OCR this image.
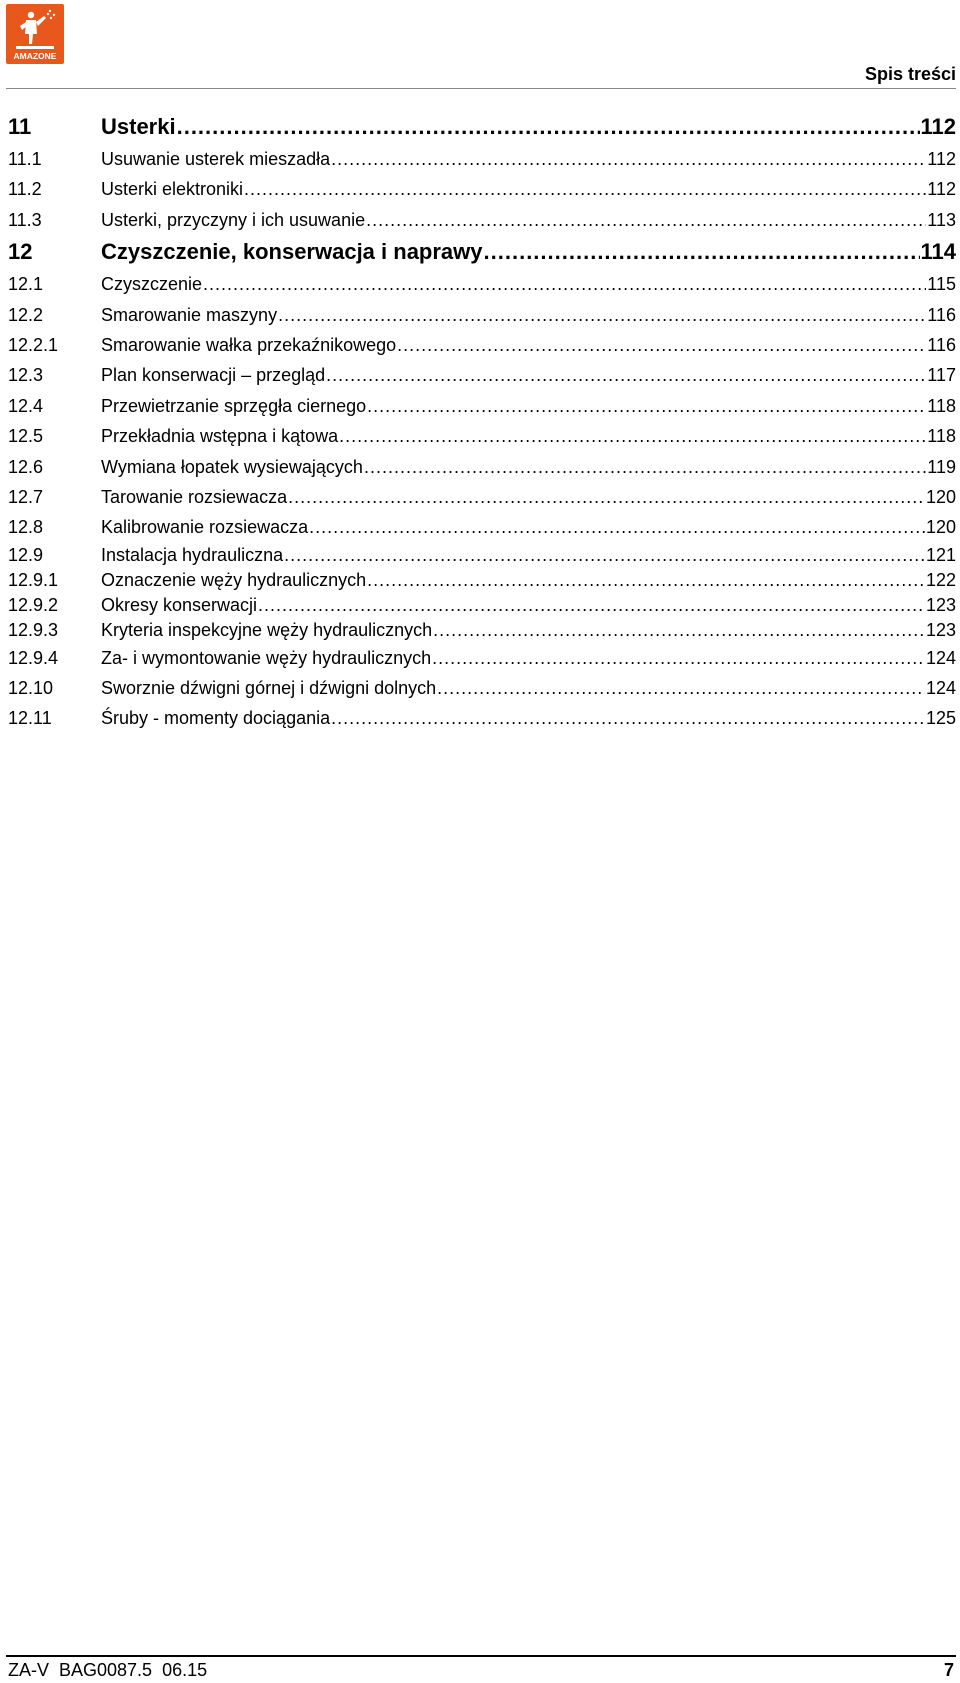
AMAZONE
Spis treści
11	Usterki .....	112
11.1	Usuwanie usterek mieszadła .....	112
11.2	Usterki elektroniki .....	112
11.3	Usterki, przyczyny i ich usuwanie .....	113
12	Czyszczenie, konserwacja i naprawy .....	114
12.1	Czyszczenie .....	115
12.2	Smarowanie maszyny .....	116
12.2.1	Smarowanie wałka przekaźnikowego .....	116
12.3	Plan konserwacji – przegląd .....	117
12.4	Przewietrzanie sprzęgła ciernego .....	118
12.5	Przekładnia wstępna i kątowa .....	118
12.6	Wymiana łopatek wysiewających .....	119
12.7	Tarowanie rozsiewacza .....	120
12.8	Kalibrowanie rozsiewacza .....	120
12.9	Instalacja hydrauliczna .....	121
12.9.1	Oznaczenie węży hydraulicznych .....	122
12.9.2	Okresy konserwacji .....	123
12.9.3	Kryteria inspekcyjne węży hydraulicznych .....	123
12.9.4	Za- i wymontowanie węży hydraulicznych .....	124
12.10	Sworznie dźwigni górnej i dźwigni dolnych .....	124
12.11	Śruby - momenty dociągania .....	125
ZA-V  BAG0087.5  06.15	7
